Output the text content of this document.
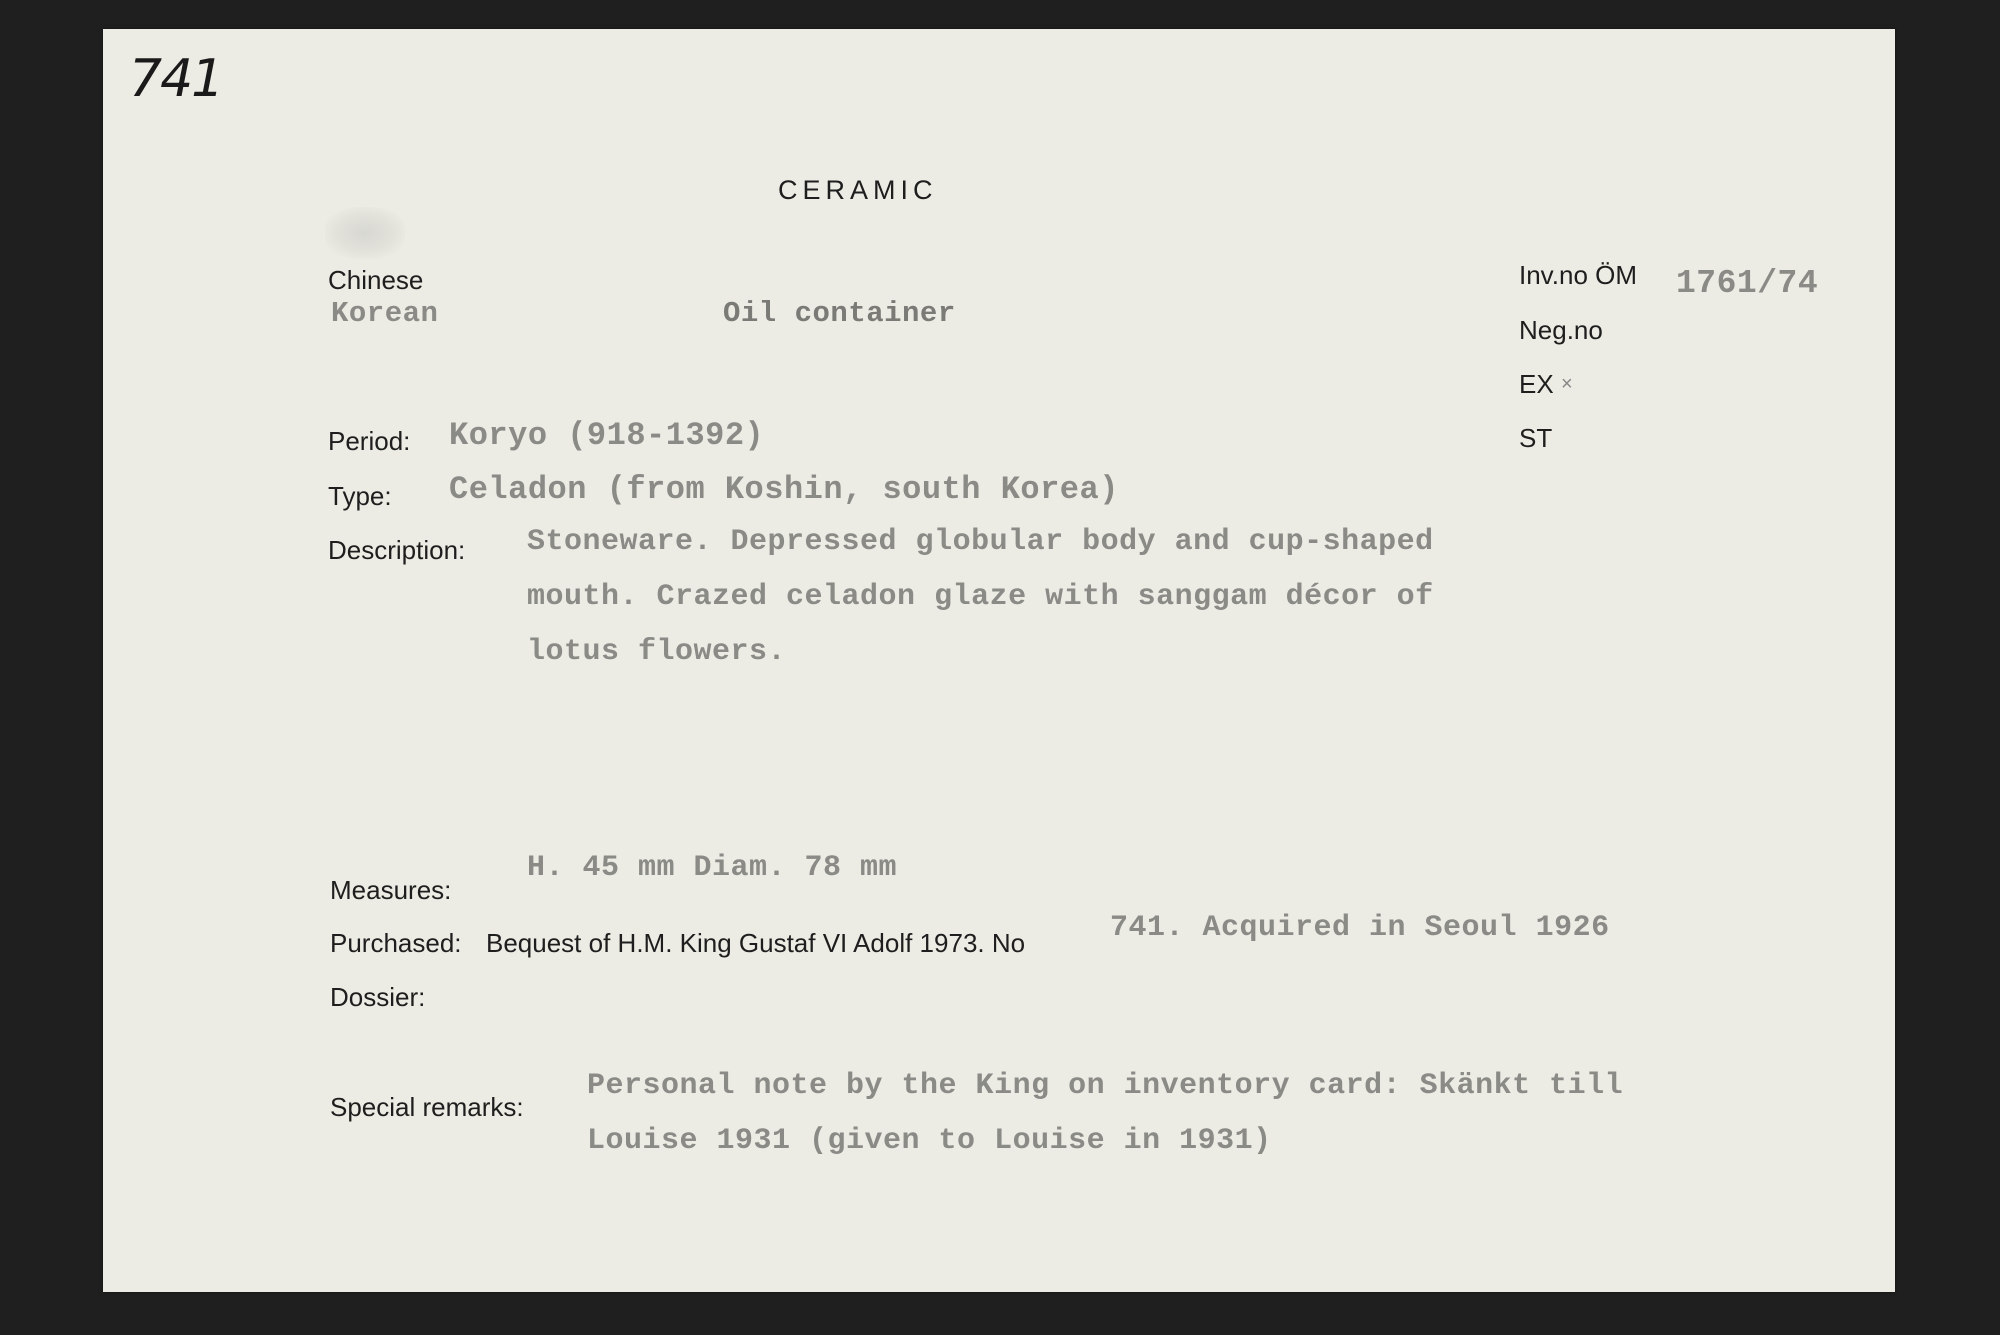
741
CERAMIC
Chinese
Korean	Oil container
Inv.no ÖM 1761/74
Neg.no
EX ×
ST
Period: Koryo (918-1392)
Type: Celadon (from Koshin, south Korea)
Description: Stoneware. Depressed globular body and cup-shaped
mouth. Crazed celadon glaze with sanggam décor of
lotus flowers.
Measures:
H. 45 mm Diam. 78 mm
Purchased: Bequest of H.M. King Gustaf VI Adolf 1973. No	741. Acquired in Seoul 1926
Dossier:
Special remarks:
Personal note by the King on inventory card: Skänkt till
Louise 1931 (given to Louise in 1931)
